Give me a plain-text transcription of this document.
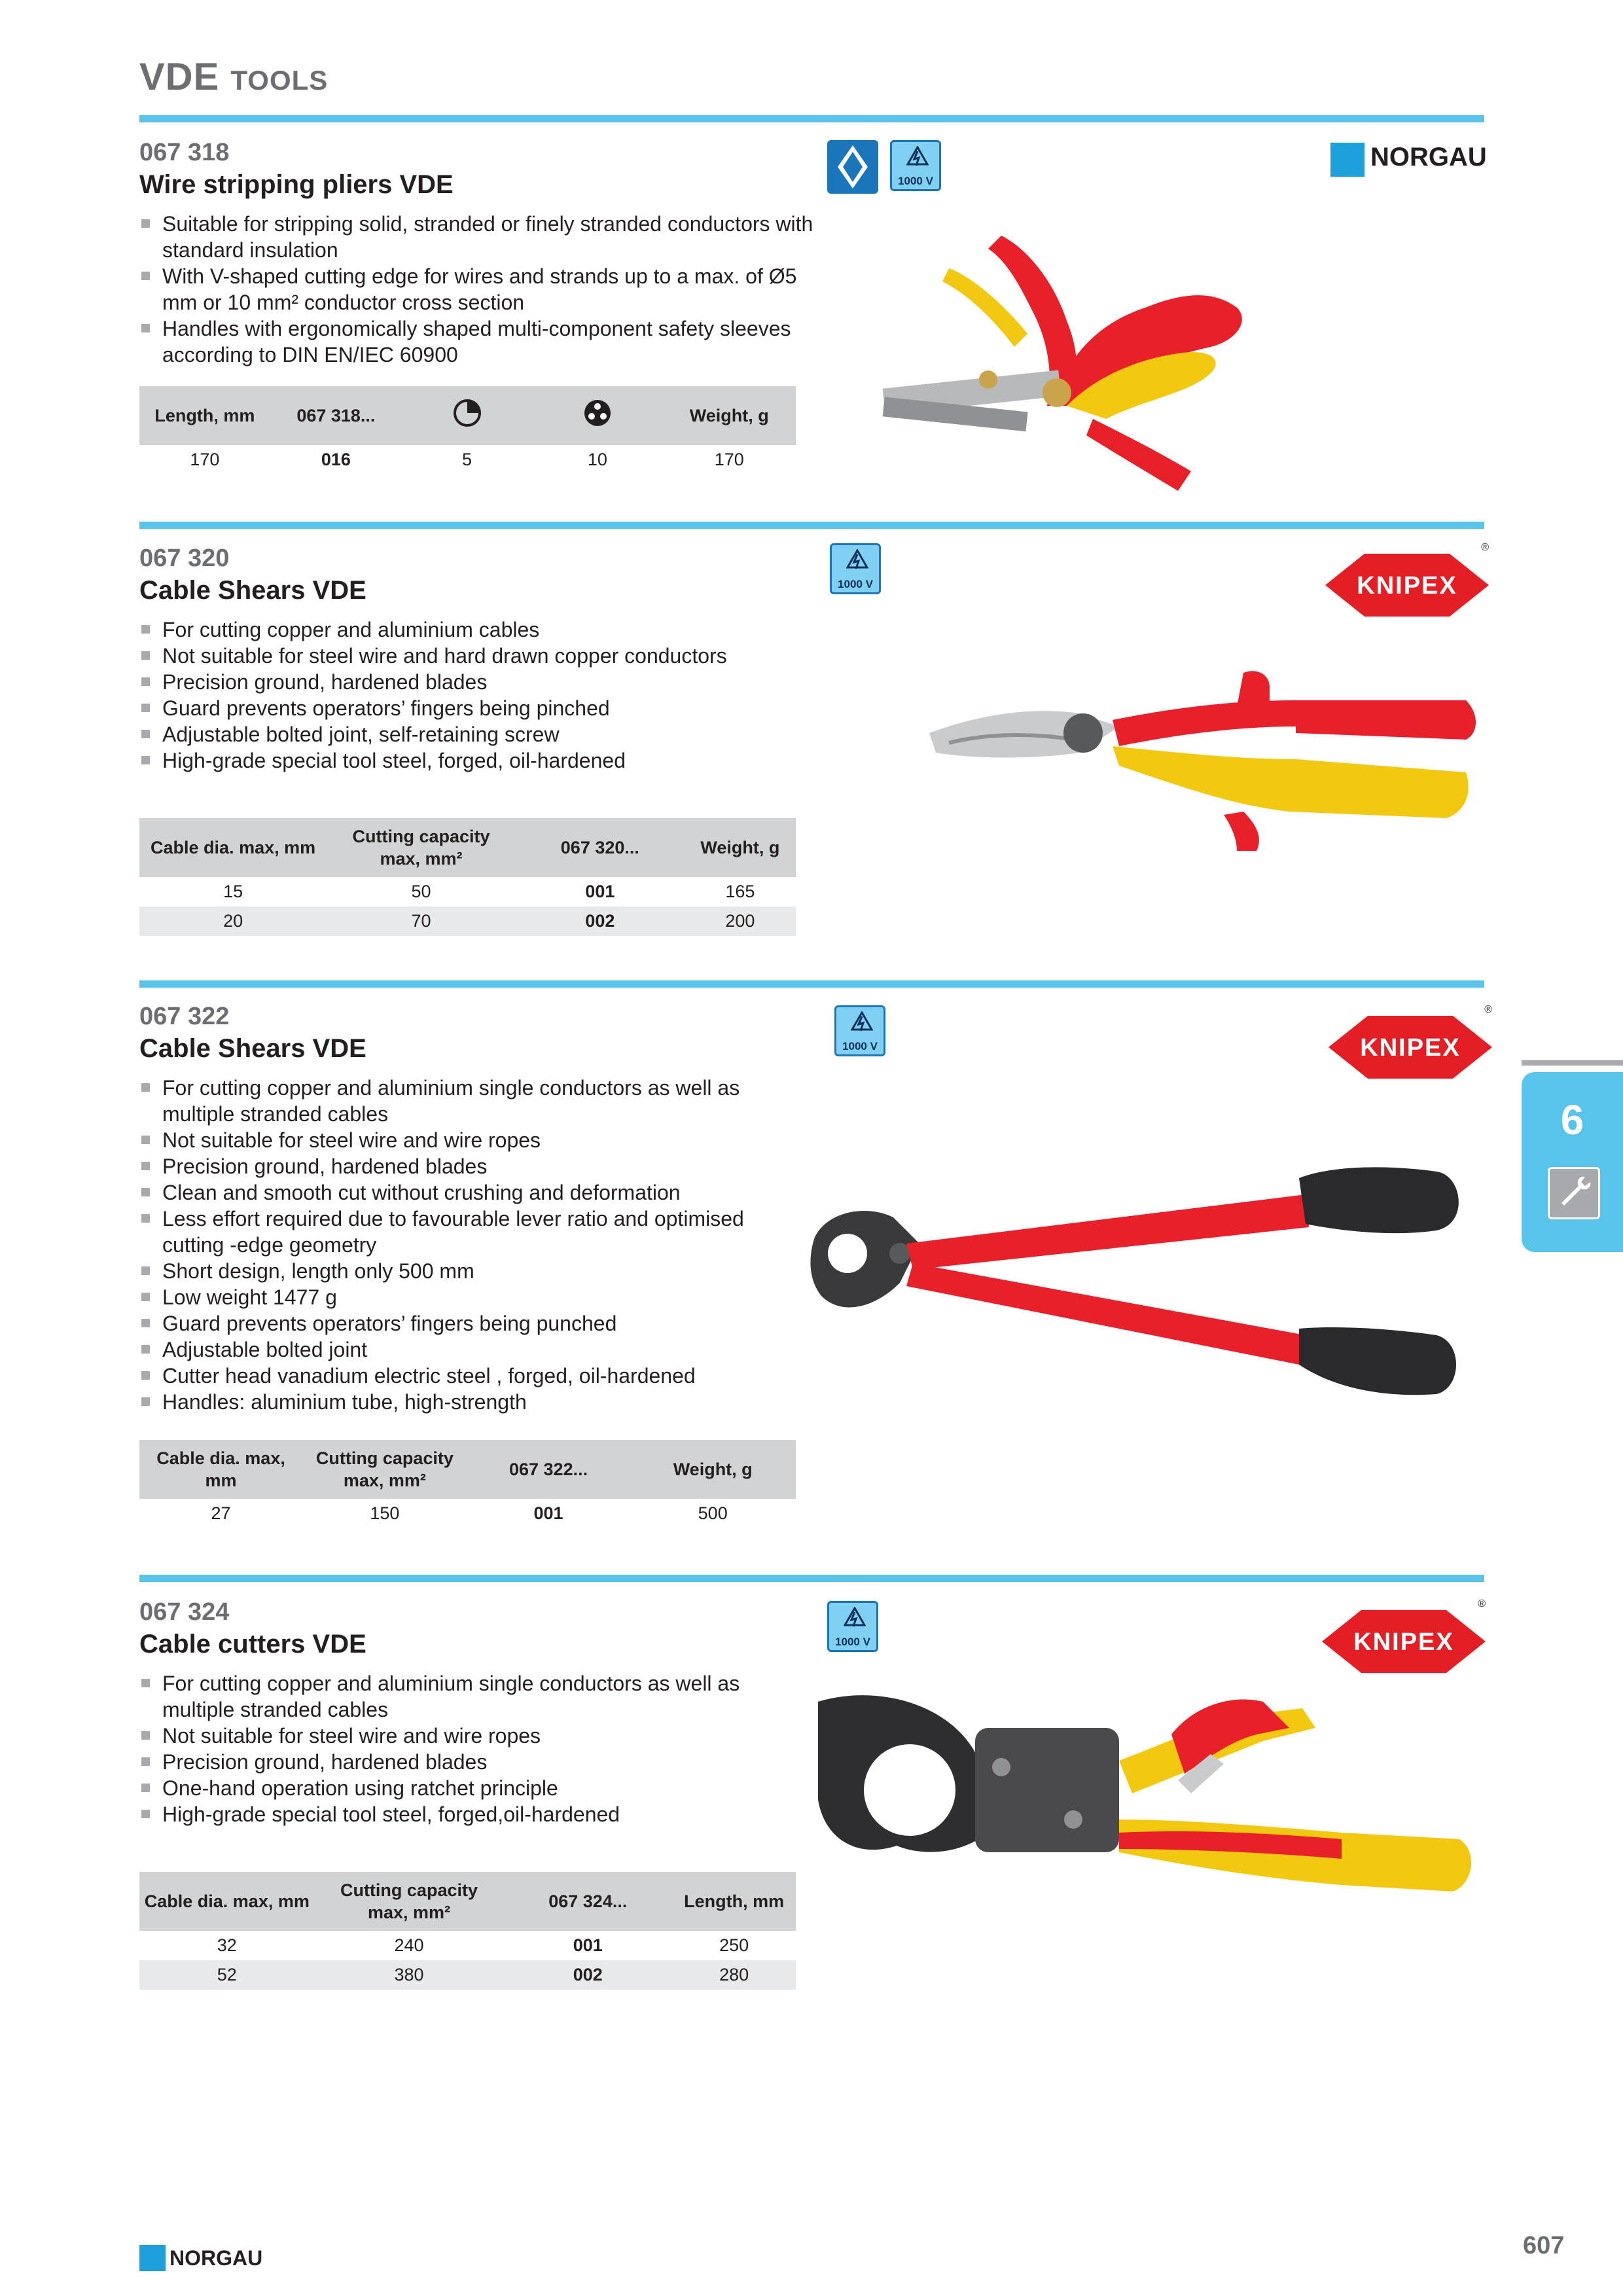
VDE TOOLS
067 318
Wire stripping pliers VDE
Suitable for stripping solid, stranded or finely stranded conductors with standard insulation
With V-shaped cutting edge for wires and strands up to a max. of Ø5 mm or 10 mm² conductor cross section
Handles with ergonomically shaped multi-component safety sleeves according to DIN EN/IEC 60900
1000 V
NORGAU
Length, mm	067 318...			Weight, g
170	016	5	10	170
067 320
Cable Shears VDE
For cutting copper and aluminium cables
Not suitable for steel wire and hard drawn copper conductors
Precision ground, hardened blades
Guard prevents operators’ fingers being pinched
Adjustable bolted joint, self-retaining screw
High-grade special tool steel, forged, oil-hardened
1000 V	KNIPEX
®
Cable dia. max, mm	Cutting capacity max, mm²	067 320...	Weight, g
15	50	001	165
20	70	002	200
067 322
Cable Shears VDE
For cutting copper and aluminium single conductors as well as multiple stranded cables
Not suitable for steel wire and wire ropes
Precision ground, hardened blades
Clean and smooth cut without crushing and deformation
Less effort required due to favourable lever ratio and optimised cutting -edge geometry
Short design, length only 500 mm
Low weight 1477 g
Guard prevents operators’ fingers being punched
Adjustable bolted joint
Cutter head vanadium electric steel , forged, oil-hardened
Handles: aluminium tube, high-strength
1000 V	KNIPEX
®
Cable dia. max, mm	Cutting capacity max, mm²	067 322...	Weight, g
27	150	001	500
067 324
Cable cutters VDE
For cutting copper and aluminium single conductors as well as multiple stranded cables
Not suitable for steel wire and wire ropes
Precision ground, hardened blades
One-hand operation using ratchet principle
High-grade special tool steel, forged,oil-hardened
1000 V	KNIPEX
®
Cable dia. max, mm	Cutting capacity max, mm²	067 324...	Length, mm
32	240	001	250
52	380	002	280
6
NORGAU	607
